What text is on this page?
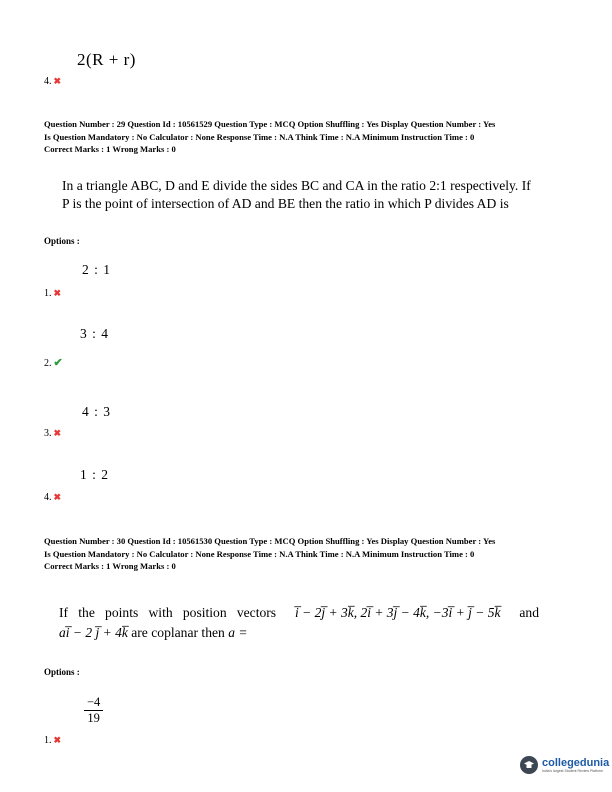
2(R + r)
4. ✖
Question Number : 29 Question Id : 10561529 Question Type : MCQ Option Shuffling : Yes Display Question Number : Yes
Is Question Mandatory : No Calculator : None Response Time : N.A Think Time : N.A Minimum Instruction Time : 0
Correct Marks : 1 Wrong Marks : 0
In a triangle ABC, D and E divide the sides BC and CA in the ratio 2:1 respectively. If
P is the point of intersection of AD and BE then the ratio in which P divides AD is
Options :
2 : 1
1. ✖
3 : 4
2. ✔
4 : 3
3. ✖
1 : 2
4. ✖
Question Number : 30 Question Id : 10561530 Question Type : MCQ Option Shuffling : Yes Display Question Number : Yes
Is Question Mandatory : No Calculator : None Response Time : N.A Think Time : N.A Minimum Instruction Time : 0
Correct Marks : 1 Wrong Marks : 0
If   the   points   with   position   vectors i̅ − 2j̅ + 3k̅, 2i̅ + 3j̅ − 4k̅, −3i̅ + j̅ − 5k̅ and
ai̅ − 2 j̅ + 4k̅ are coplanar then a =
Options :
$\frac{-4}{19}$
1. ✖
collegedunia
India's largest Student Review Platform
